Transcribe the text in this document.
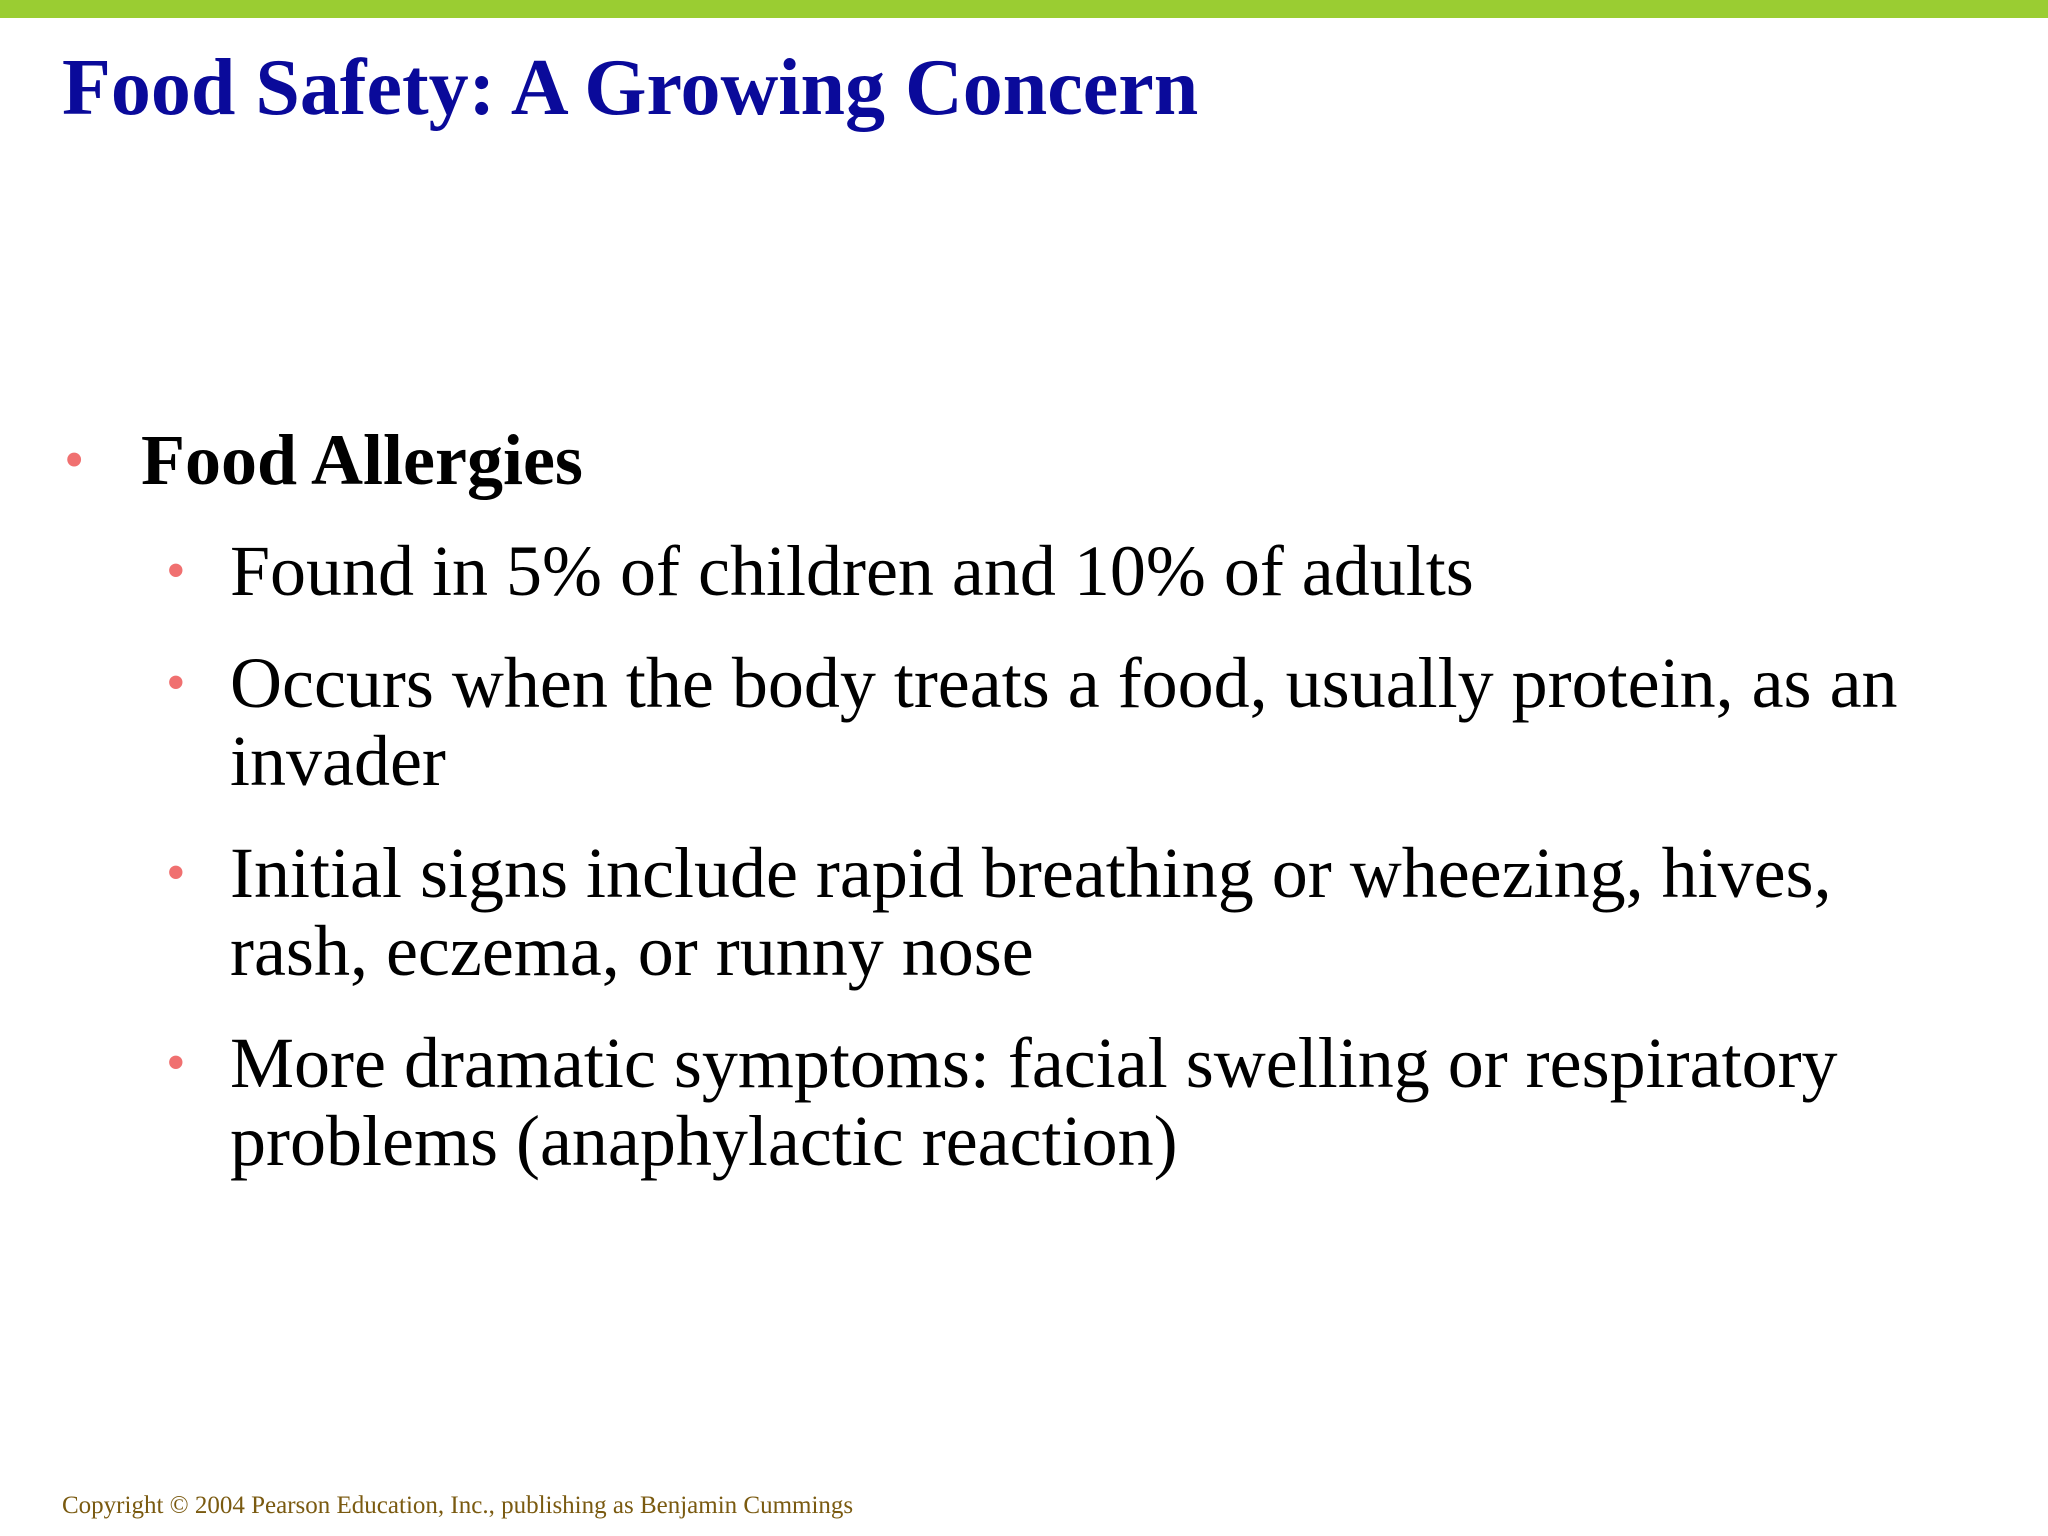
Food Safety: A Growing Concern
• Food Allergies
• Found in 5% of children and 10% of adults
• Occurs when the body treats a food, usually protein, as an invader
• Initial signs include rapid breathing or wheezing, hives, rash, eczema, or runny nose
• More dramatic symptoms: facial swelling or respiratory problems (anaphylactic reaction)
Copyright © 2004 Pearson Education, Inc., publishing as Benjamin Cummings
